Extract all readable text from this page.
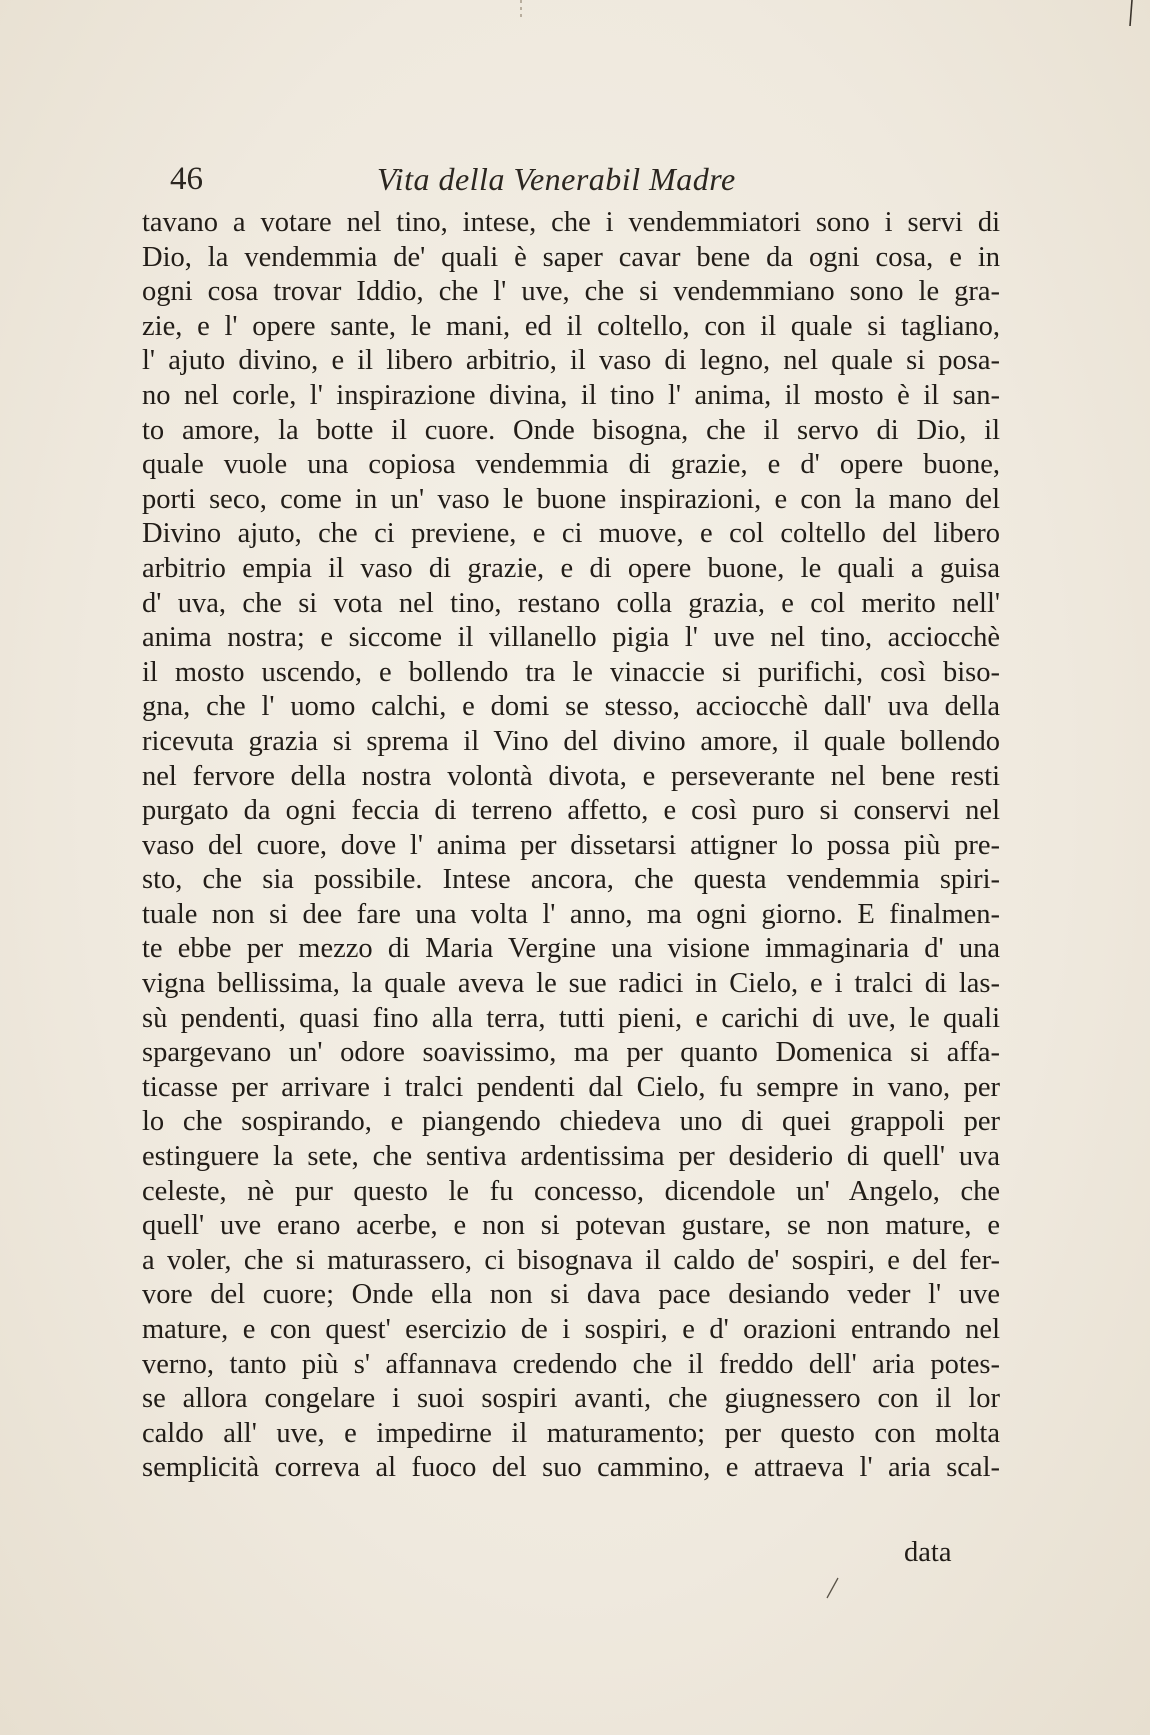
46	Vita della Venerabil Madre
tavano a votare nel tino, intese, che i vendemmiatori sono i servi di
Dio, la vendemmia de' quali è saper cavar bene da ogni cosa, e in
ogni cosa trovar Iddio, che l' uve, che si vendemmiano sono le gra-
zie, e l' opere sante, le mani, ed il coltello, con il quale si tagliano,
l' ajuto divino, e il libero arbitrio, il vaso di legno, nel quale si posa-
no nel corle, l' inspirazione divina, il tino l' anima, il mosto è il san-
to amore, la botte il cuore. Onde bisogna, che il servo di Dio, il
quale vuole una copiosa vendemmia di grazie, e d' opere buone,
porti seco, come in un' vaso le buone inspirazioni, e con la mano del
Divino ajuto, che ci previene, e ci muove, e col coltello del libero
arbitrio empia il vaso di grazie, e di opere buone, le quali a guisa
d' uva, che si vota nel tino, restano colla grazia, e col merito nell'
anima nostra; e siccome il villanello pigia l' uve nel tino, acciocchè
il mosto uscendo, e bollendo tra le vinaccie si purifichi, così biso-
gna, che l' uomo calchi, e domi se stesso, acciocchè dall' uva della
ricevuta grazia si sprema il Vino del divino amore, il quale bollendo
nel fervore della nostra volontà divota, e perseverante nel bene resti
purgato da ogni feccia di terreno affetto, e così puro si conservi nel
vaso del cuore, dove l' anima per dissetarsi attigner lo possa più pre-
sto, che sia possibile. Intese ancora, che questa vendemmia spiri-
tuale non si dee fare una volta l' anno, ma ogni giorno. E finalmen-
te ebbe per mezzo di Maria Vergine una visione immaginaria d' una
vigna bellissima, la quale aveva le sue radici in Cielo, e i tralci di las-
sù pendenti, quasi fino alla terra, tutti pieni, e carichi di uve, le quali
spargevano un' odore soavissimo, ma per quanto Domenica si affa-
ticasse per arrivare i tralci pendenti dal Cielo, fu sempre in vano, per
lo che sospirando, e piangendo chiedeva uno di quei grappoli per
estinguere la sete, che sentiva ardentissima per desiderio di quell' uva
celeste, nè pur questo le fu concesso, dicendole un' Angelo, che
quell' uve erano acerbe, e non si potevan gustare, se non mature, e
a voler, che si maturassero, ci bisognava il caldo de' sospiri, e del fer-
vore del cuore; Onde ella non si dava pace desiando veder l' uve
mature, e con quest' esercizio de i sospiri, e d' orazioni entrando nel
verno, tanto più s' affannava credendo che il freddo dell' aria potes-
se allora congelare i suoi sospiri avanti, che giugnessero con il lor
caldo all' uve, e impedirne il maturamento; per questo con molta
semplicità correva al fuoco del suo cammino, e attraeva l' aria scal-
data
